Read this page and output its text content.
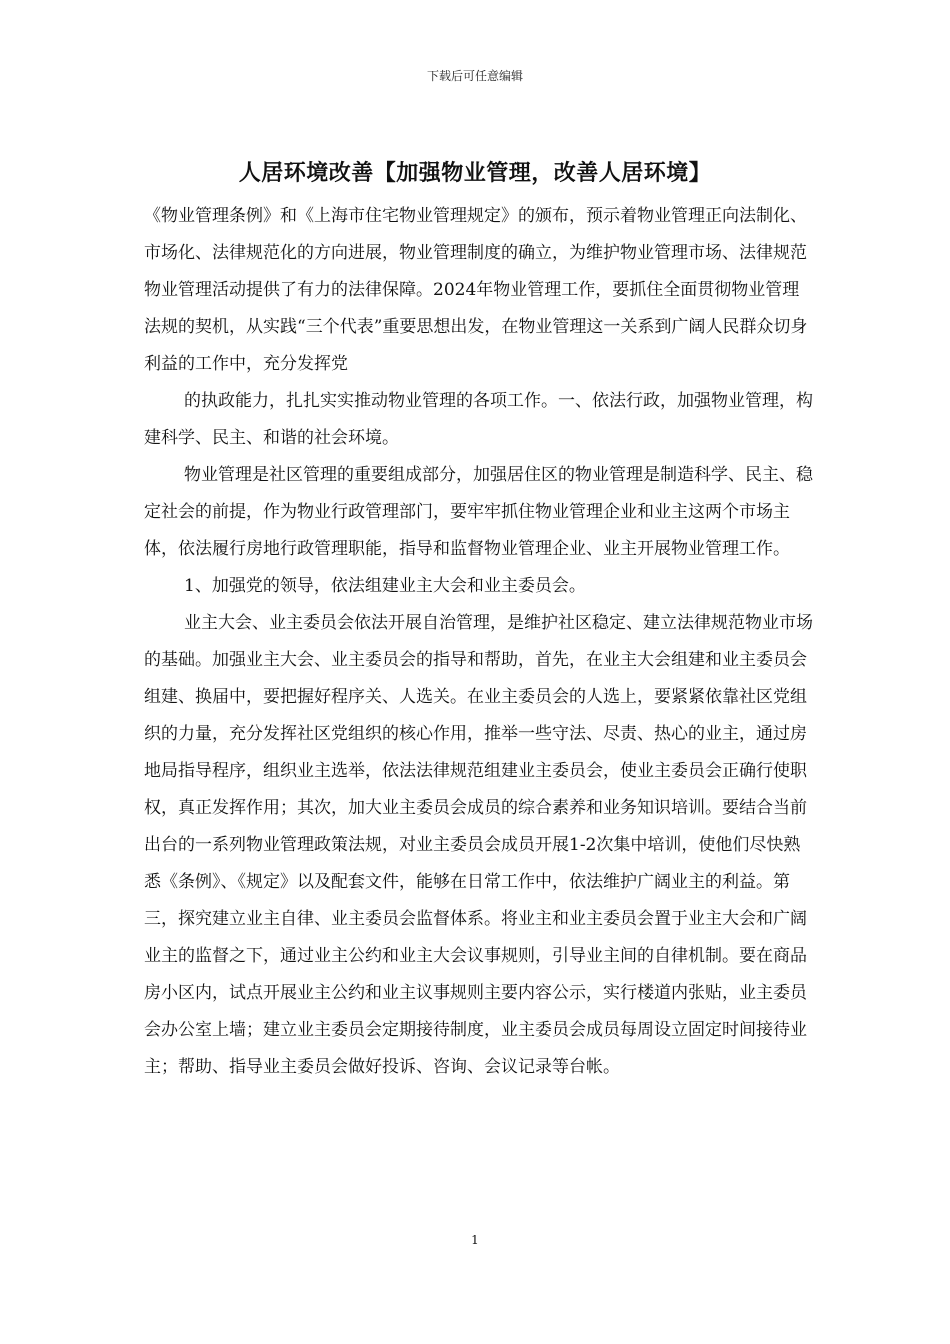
下载后可任意编辑
人居环境改善【加强物业管理，改善人居环境】

《物业管理条例》和《上海市住宅物业管理规定》的颁布，预示着物业管理正向法制化、市场化、法律规范化的方向进展，物业管理制度的确立，为维护物业管理市场、法律规范物业管理活动提供了有力的法律保障。2024年物业管理工作，要抓住全面贯彻物业管理法规的契机，从实践“三个代表”重要思想出发，在物业管理这一关系到广阔人民群众切身利益的工作中，充分发挥党

的执政能力，扎扎实实推动物业管理的各项工作。一、依法行政，加强物业管理，构建科学、民主、和谐的社会环境。

物业管理是社区管理的重要组成部分，加强居住区的物业管理是制造科学、民主、稳定社会的前提，作为物业行政管理部门，要牢牢抓住物业管理企业和业主这两个市场主体，依法履行房地行政管理职能，指导和监督物业管理企业、业主开展物业管理工作。

1、加强党的领导，依法组建业主大会和业主委员会。

业主大会、业主委员会依法开展自治管理，是维护社区稳定、建立法律规范物业市场的基础。加强业主大会、业主委员会的指导和帮助，首先，在业主大会组建和业主委员会组建、换届中，要把握好程序关、人选关。在业主委员会的人选上，要紧紧依靠社区党组织的力量，充分发挥社区党组织的核心作用，推举一些守法、尽责、热心的业主，通过房地局指导程序，组织业主选举，依法法律规范组建业主委员会，使业主委员会正确行使职权，真正发挥作用；其次，加大业主委员会成员的综合素养和业务知识培训。要结合当前出台的一系列物业管理政策法规，对业主委员会成员开展1-2次集中培训，使他们尽快熟悉《条例》、《规定》以及配套文件，能够在日常工作中，依法维护广阔业主的利益。第三，探究建立业主自律、业主委员会监督体系。将业主和业主委员会置于业主大会和广阔业主的监督之下，通过业主公约和业主大会议事规则，引导业主间的自律机制。要在商品房小区内，试点开展业主公约和业主议事规则主要内容公示，实行楼道内张贴，业主委员会办公室上墙；建立业主委员会定期接待制度，业主委员会成员每周设立固定时间接待业主；帮助、指导业主委员会做好投诉、咨询、会议记录等台帐。

1
